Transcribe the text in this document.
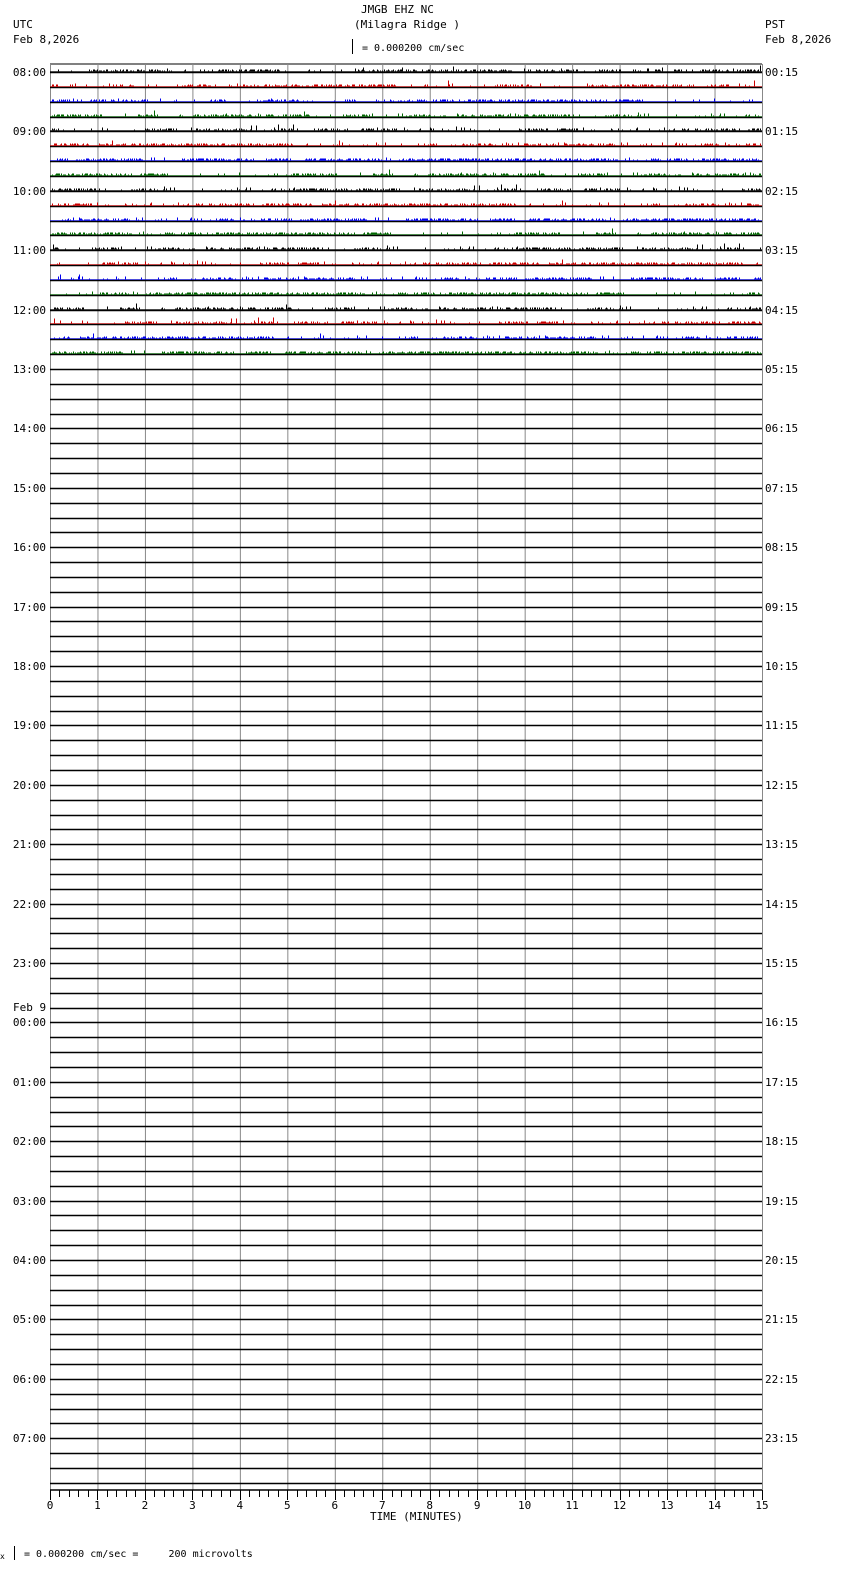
JMGB EHZ NC
(Milagra Ridge )
UTC
Feb 8,2026
PST
Feb 8,2026
= 0.000200 cm/sec
08:00	00:15
09:00	01:15
10:00	02:15
11:00	03:15
12:00	04:15
13:00	05:15
14:00	06:15
15:00	07:15
16:00	08:15
17:00	09:15
18:00	10:15
19:00	11:15
20:00	12:15
21:00	13:15
22:00	14:15
23:00	15:15
00:00	16:15
Feb 9
01:00	17:15
02:00	18:15
03:00	19:15
04:00	20:15
05:00	21:15
06:00	22:15
07:00	23:15
0	1	2	3	4	5	6	7	8	9	10	11	12	13	14	15
TIME (MINUTES)
x = 0.000200 cm/sec =     200 microvolts
